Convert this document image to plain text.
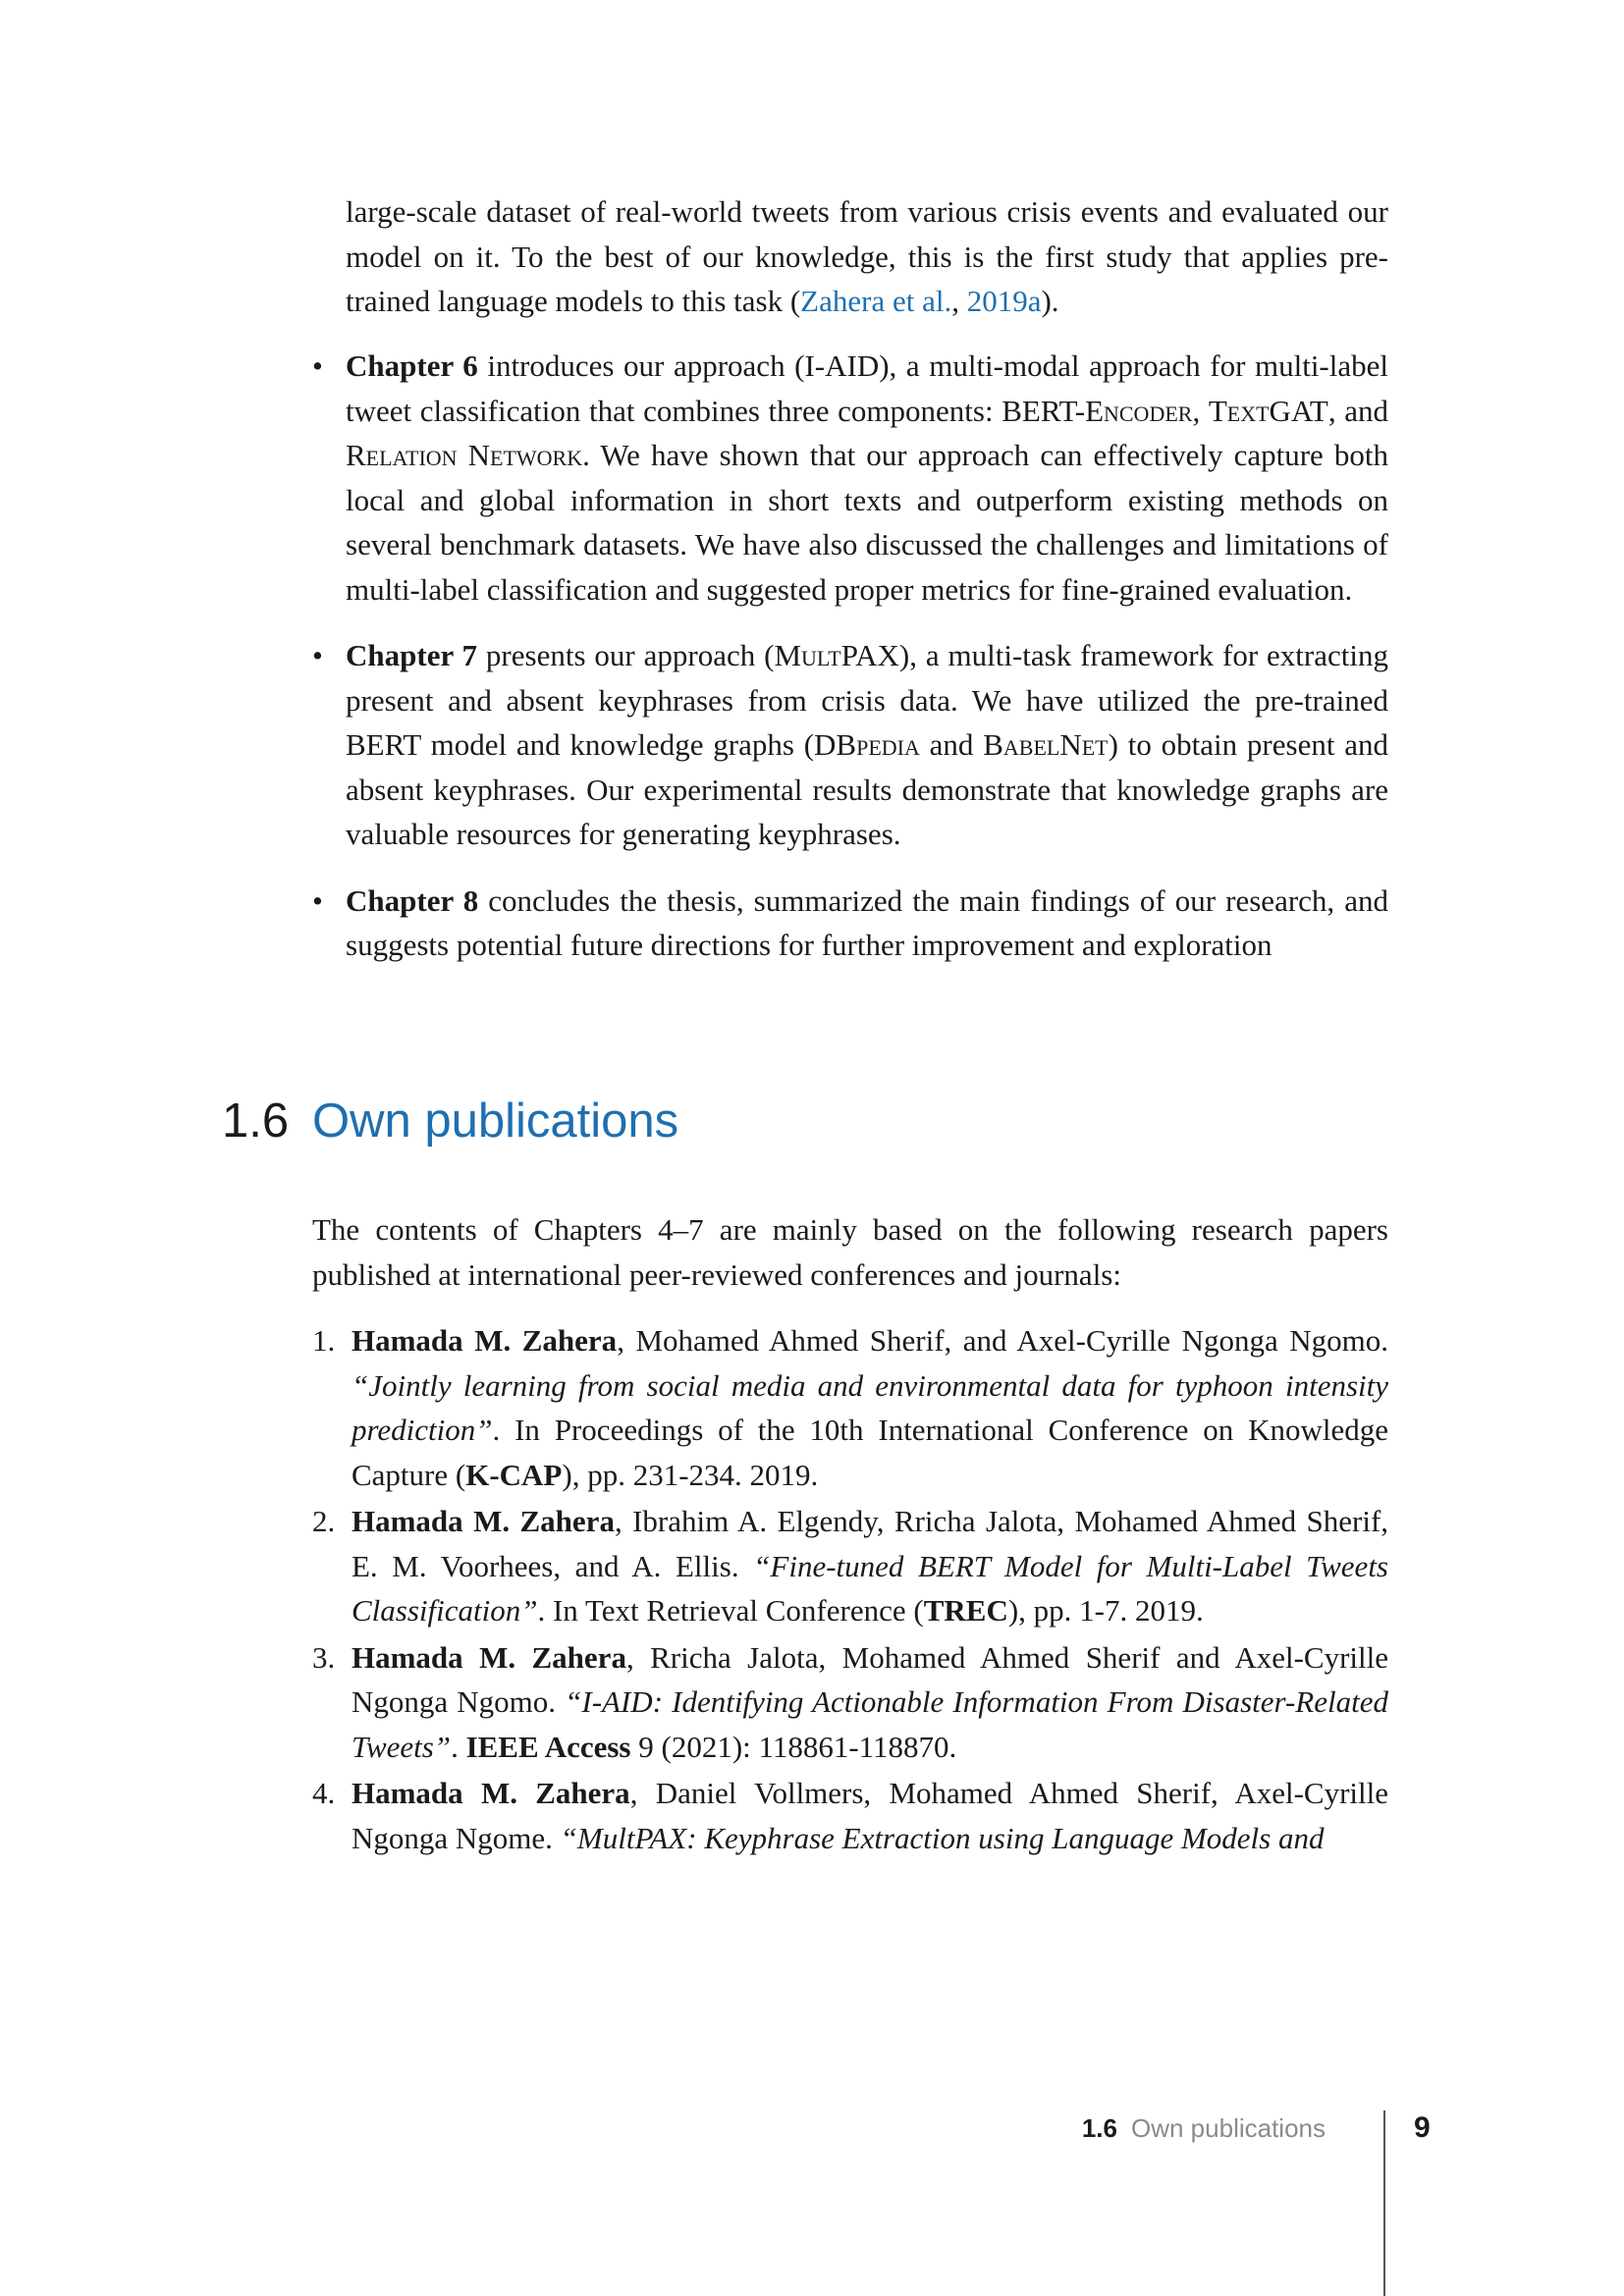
large-scale dataset of real-world tweets from various crisis events and evaluated our model on it. To the best of our knowledge, this is the first study that applies pre-trained language models to this task (Zahera et al., 2019a).

• Chapter 6 introduces our approach (I-AID), a multi-modal approach for multi-label tweet classification that combines three components: BERT-Encoder, TextGAT, and Relation Network. We have shown that our approach can effectively capture both local and global information in short texts and outperform existing methods on several benchmark datasets. We have also discussed the challenges and limitations of multi-label classification and suggested proper metrics for fine-grained evaluation.
• Chapter 7 presents our approach (MultPAX), a multi-task framework for extracting present and absent keyphrases from crisis data. We have utilized the pre-trained BERT model and knowledge graphs (DBpedia and BabelNet) to obtain present and absent keyphrases. Our experimental results demonstrate that knowledge graphs are valuable resources for generating keyphrases.
• Chapter 8 concludes the thesis, summarized the main findings of our research, and suggests potential future directions for further improvement and exploration
1.6 Own publications

The contents of Chapters 4–7 are mainly based on the following research papers published at international peer-reviewed conferences and journals:

1. Hamada M. Zahera, Mohamed Ahmed Sherif, and Axel-Cyrille Ngonga Ngomo. “Jointly learning from social media and environmental data for typhoon intensity prediction”. In Proceedings of the 10th International Conference on Knowledge Capture (K-CAP), pp. 231-234. 2019.
2. Hamada M. Zahera, Ibrahim A. Elgendy, Rricha Jalota, Mohamed Ahmed Sherif, E. M. Voorhees, and A. Ellis. “Fine-tuned BERT Model for Multi-Label Tweets Classification”. In Text Retrieval Conference (TREC), pp. 1-7. 2019.
3. Hamada M. Zahera, Rricha Jalota, Mohamed Ahmed Sherif and Axel-Cyrille Ngonga Ngomo. “I-AID: Identifying Actionable Information From Disaster-Related Tweets”. IEEE Access 9 (2021): 118861-118870.
4. Hamada M. Zahera, Daniel Vollmers, Mohamed Ahmed Sherif, Axel-Cyrille Ngonga Ngome. “MultPAX: Keyphrase Extraction using Language Models and
1.6 Own publications	9
